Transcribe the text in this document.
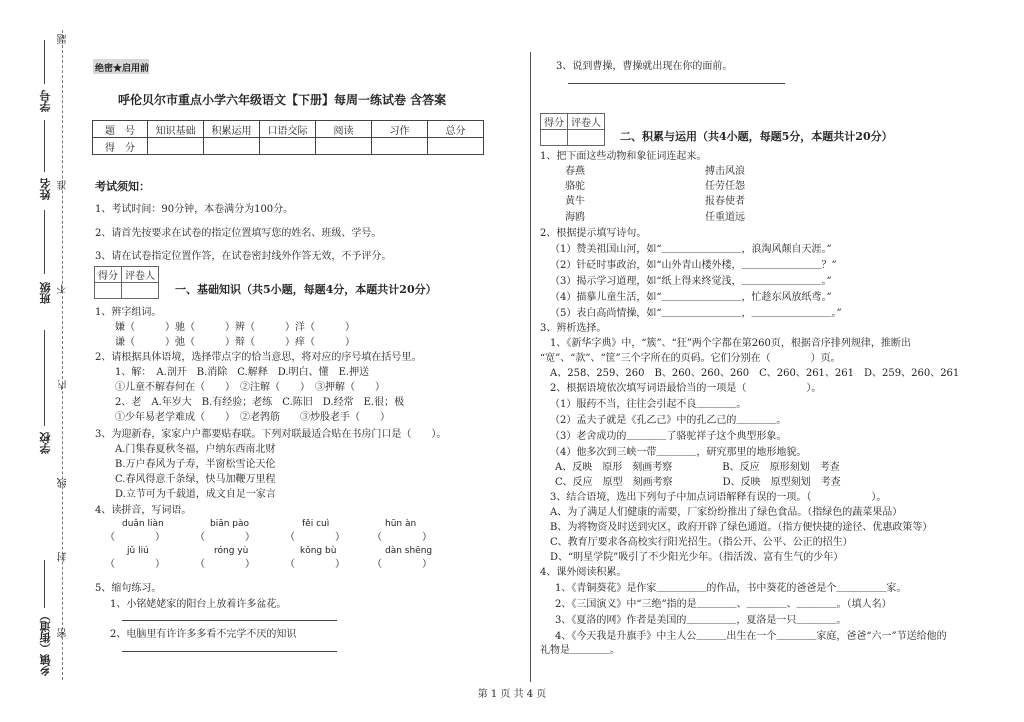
题
学号
准
姓名
不
班级
内
学校
线
封
乡镇（街道） 密
绝密★启用前
呼伦贝尔市重点小学六年级语文【下册】每周一练试卷 含答案
题　号	知识基础	积累运用	口语交际	阅读	习作	总分
得　分						
考试须知：
1、考试时间：90分钟，本卷满分为100分。
2、请首先按要求在试卷的指定位置填写您的姓名、班级、学号。
3、请在试卷指定位置作答，在试卷密封线外作答无效，不予评分。
得分	评卷人

一、基础知识（共5小题，每题4分，本题共计20分）
1、辨字组词。
　　嫌（　　　）驰（　　　）辨（　　　）洋（　　　）
　　谦（　　　）弛（　　　）辩（　　　）痒（　　　）
2、请根据具体语境，选择带点字的恰当意思，将对应的序号填在括号里。
　　1、解：　A.剖开　B.消除　C.解释　D.明白、懂　E.押送
　　①儿童不解春何在（　　）　②注解（　　）　③押解（　　）
　　2、老　A.年岁大　B.有经验；老练　C.陈旧　D.经常　E.很；极
　　①少年易老学难成（　　）　②老鹁筋　　③炒股老手（　　）
3、为迎新春，家家户户都要贴春联。下列对联最适合贴在书房门口是（　　）。
　　A.门集春夏秋冬福，户纳东西南北财
　　B.万户春风为子寿，半窗松雪论天伦
　　C.春风得意千条绿，快马加鞭万里程
　　D.立节可为千载道，成文自足一家言
4、读拼音，写词语。
duǎn liàn	biān pào	fěi cuì	hūn àn
（　　　　）	（　　　　）	（　　　　）	（　　　　）
jǔ liú	róng yù	kǒng bù	dàn shēng
（　　　　）	（　　　　）	（　　　　）	（　　　　）
5、缩句练习。
1、小铭姥姥家的阳台上放着许多盆花。
2、电脑里有许许多多看不完学不厌的知识
3、说到曹操，曹操就出现在你的面前。
得分	评卷人

二、积累与运用（共4小题，每题5分，本题共计20分）
1、把下面这些动物和象征词连起来。
春燕	搏击风浪
骆驼	任劳任怨
黄牛	报春使者
海鸥	任重道远
2、根据提示填写诗句。
　（1）赞美祖国山河，如“＿＿＿＿＿＿＿＿，浪淘风颠自天涯。”
　（2）针砭时事政治，如“山外青山楼外楼，＿＿＿＿＿＿＿＿？”
　（3）揭示学习道理，如“纸上得来终觉浅，＿＿＿＿＿＿＿＿。”
　（4）描摹儿童生活，如“＿＿＿＿＿＿＿＿，忙趁东风放纸鸢。”
　（5）表白高尚情操，如“＿＿＿＿＿＿＿＿，＿＿＿＿＿＿＿＿。”
3、辨析选择。
　1、《新华字典》中，“簇”、“狂”两个字都在第260页，根据音序排列规律，推断出
“宽”、“款”、“筐”三个字所在的页码。它们分别在（　　　　）页。
　A、258、259、260　B、260、260、260　C、260、261、261　D、259、260、261
　2、根据语境依次填写词语最恰当的一项是（　　　　　　）。
　（1）服药不当，往往会引起不良＿＿＿＿。
　（2）孟夫子就是《孔乙己》中的孔乙己的＿＿＿＿。
　（3）老舍成功的＿＿＿＿了骆驼祥子这个典型形象。
　（4）他多次到三峡一带＿＿＿＿，研究那里的地形地貌。
　A、反映　原形　刻画考察　　　　　B、反应　原形刻划　考查
　C、反应　原型　刻画考察　　　　　D、反映　原型刻划　考查
　3、结合语境，选出下列句子中加点词语解释有误的一项。（　　　　　　）。
　A、为了满足人们健康的需要，厂家纷纷推出了绿色食品。（指绿色的蔬菜果品）
　B、为将物资及时送到灾区，政府开辟了绿色通道。（指方便快捷的途径、优惠政策等）
　C、教育厅要求各高校实行阳光招生。（指公开、公平、公正的招生）
　D、“明星学院”吸引了不少阳光少年。（指活泼、富有生气的少年）
4、课外阅读积累。
　1、《青铜葵花》是作家＿＿＿＿＿的作品，书中葵花的爸爸是个＿＿＿＿＿家。
　2、《三国演义》中“三绝”指的是＿＿＿＿、＿＿＿＿、＿＿＿＿。（填人名）
　3、《夏洛的网》作者是美国的＿＿＿＿＿，夏洛是一只＿＿＿＿。
　4、《今天我是升旗手》中主人公＿＿＿出生在一个＿＿＿＿家庭，爸爸“六一”节送给他的
礼物是＿＿＿＿。
第 1 页 共 4 页
